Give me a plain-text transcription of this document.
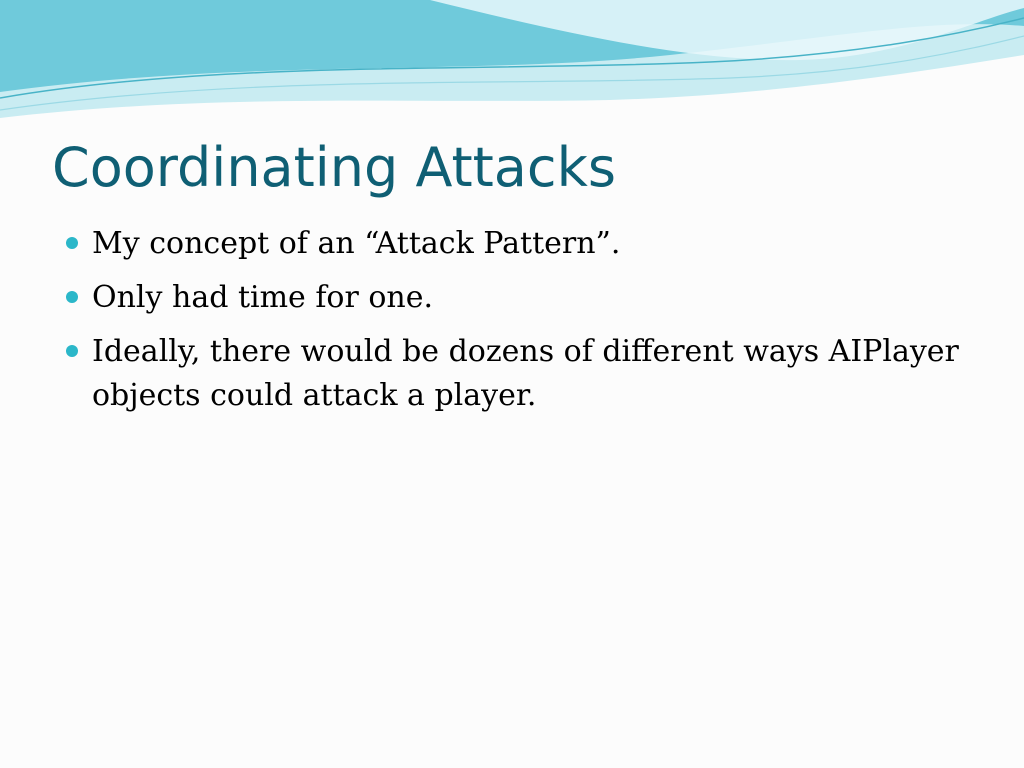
Coordinating Attacks
My concept of an “Attack Pattern”.
Only had time for one.
Ideally, there would be dozens of different ways AIPlayer objects could attack a player.
